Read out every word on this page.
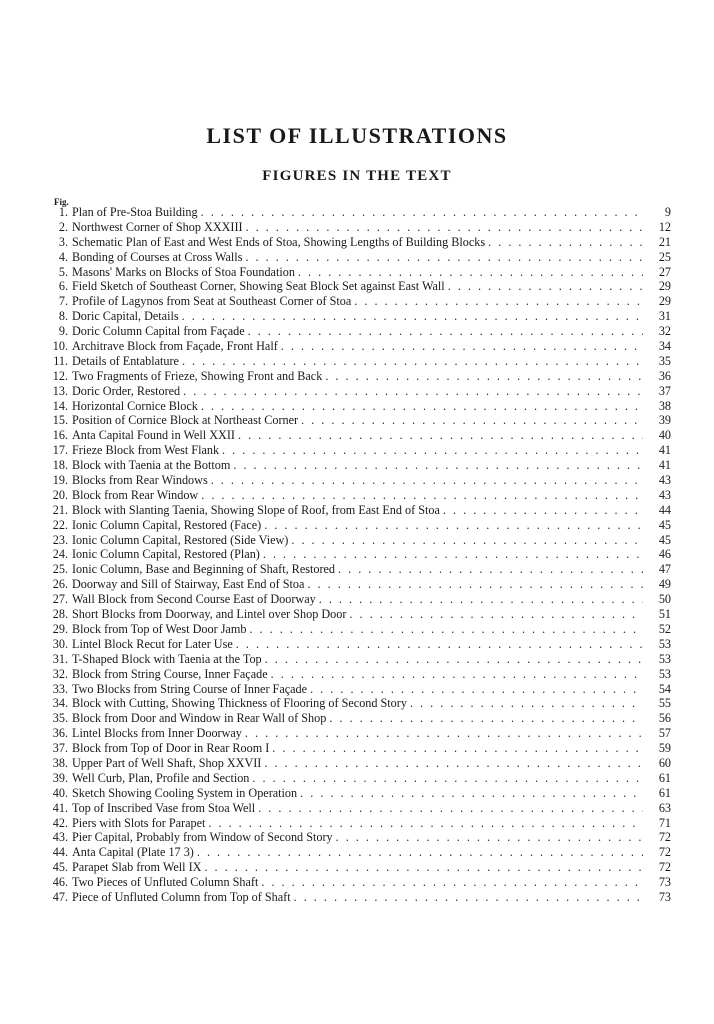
LIST OF ILLUSTRATIONS
FIGURES IN THE TEXT
Fig.
1. Plan of Pre-Stoa Building . . .	9
2. Northwest Corner of Shop XXXIII . . .	12
3. Schematic Plan of East and West Ends of Stoa, Showing Lengths of Building Blocks . . .	21
4. Bonding of Courses at Cross Walls . . .	25
5. Masons' Marks on Blocks of Stoa Foundation . . .	27
6. Field Sketch of Southeast Corner, Showing Seat Block Set against East Wall . . .	29
7. Profile of Lagynos from Seat at Southeast Corner of Stoa . . .	29
8. Doric Capital, Details . . .	31
9. Doric Column Capital from Façade . . .	32
10. Architrave Block from Façade, Front Half . . .	34
11. Details of Entablature . . .	35
12. Two Fragments of Frieze, Showing Front and Back . . .	36
13. Doric Order, Restored . . .	37
14. Horizontal Cornice Block . . .	38
15. Position of Cornice Block at Northeast Corner . . .	39
16. Anta Capital Found in Well XXII . . .	40
17. Frieze Block from West Flank . . .	41
18. Block with Taenia at the Bottom . . .	41
19. Blocks from Rear Windows . . .	43
20. Block from Rear Window . . .	43
21. Block with Slanting Taenia, Showing Slope of Roof, from East End of Stoa . . .	44
22. Ionic Column Capital, Restored (Face) . . .	45
23. Ionic Column Capital, Restored (Side View) . . .	45
24. Ionic Column Capital, Restored (Plan) . . .	46
25. Ionic Column, Base and Beginning of Shaft, Restored . . .	47
26. Doorway and Sill of Stairway, East End of Stoa . . .	49
27. Wall Block from Second Course East of Doorway . . .	50
28. Short Blocks from Doorway, and Lintel over Shop Door . . .	51
29. Block from Top of West Door Jamb . . .	52
30. Lintel Block Recut for Later Use . . .	53
31. T-Shaped Block with Taenia at the Top . . .	53
32. Block from String Course, Inner Façade . . .	53
33. Two Blocks from String Course of Inner Façade . . .	54
34. Block with Cutting, Showing Thickness of Flooring of Second Story . . .	55
35. Block from Door and Window in Rear Wall of Shop . . .	56
36. Lintel Blocks from Inner Doorway . . .	57
37. Block from Top of Door in Rear Room I . . .	59
38. Upper Part of Well Shaft, Shop XXVII . . .	60
39. Well Curb, Plan, Profile and Section . . .	61
40. Sketch Showing Cooling System in Operation . . .	61
41. Top of Inscribed Vase from Stoa Well . . .	63
42. Piers with Slots for Parapet . . .	71
43. Pier Capital, Probably from Window of Second Story . . .	72
44. Anta Capital (Plate 17 3) . . .	72
45. Parapet Slab from Well IX . . .	72
46. Two Pieces of Unfluted Column Shaft . . .	73
47. Piece of Unfluted Column from Top of Shaft . . .	73
